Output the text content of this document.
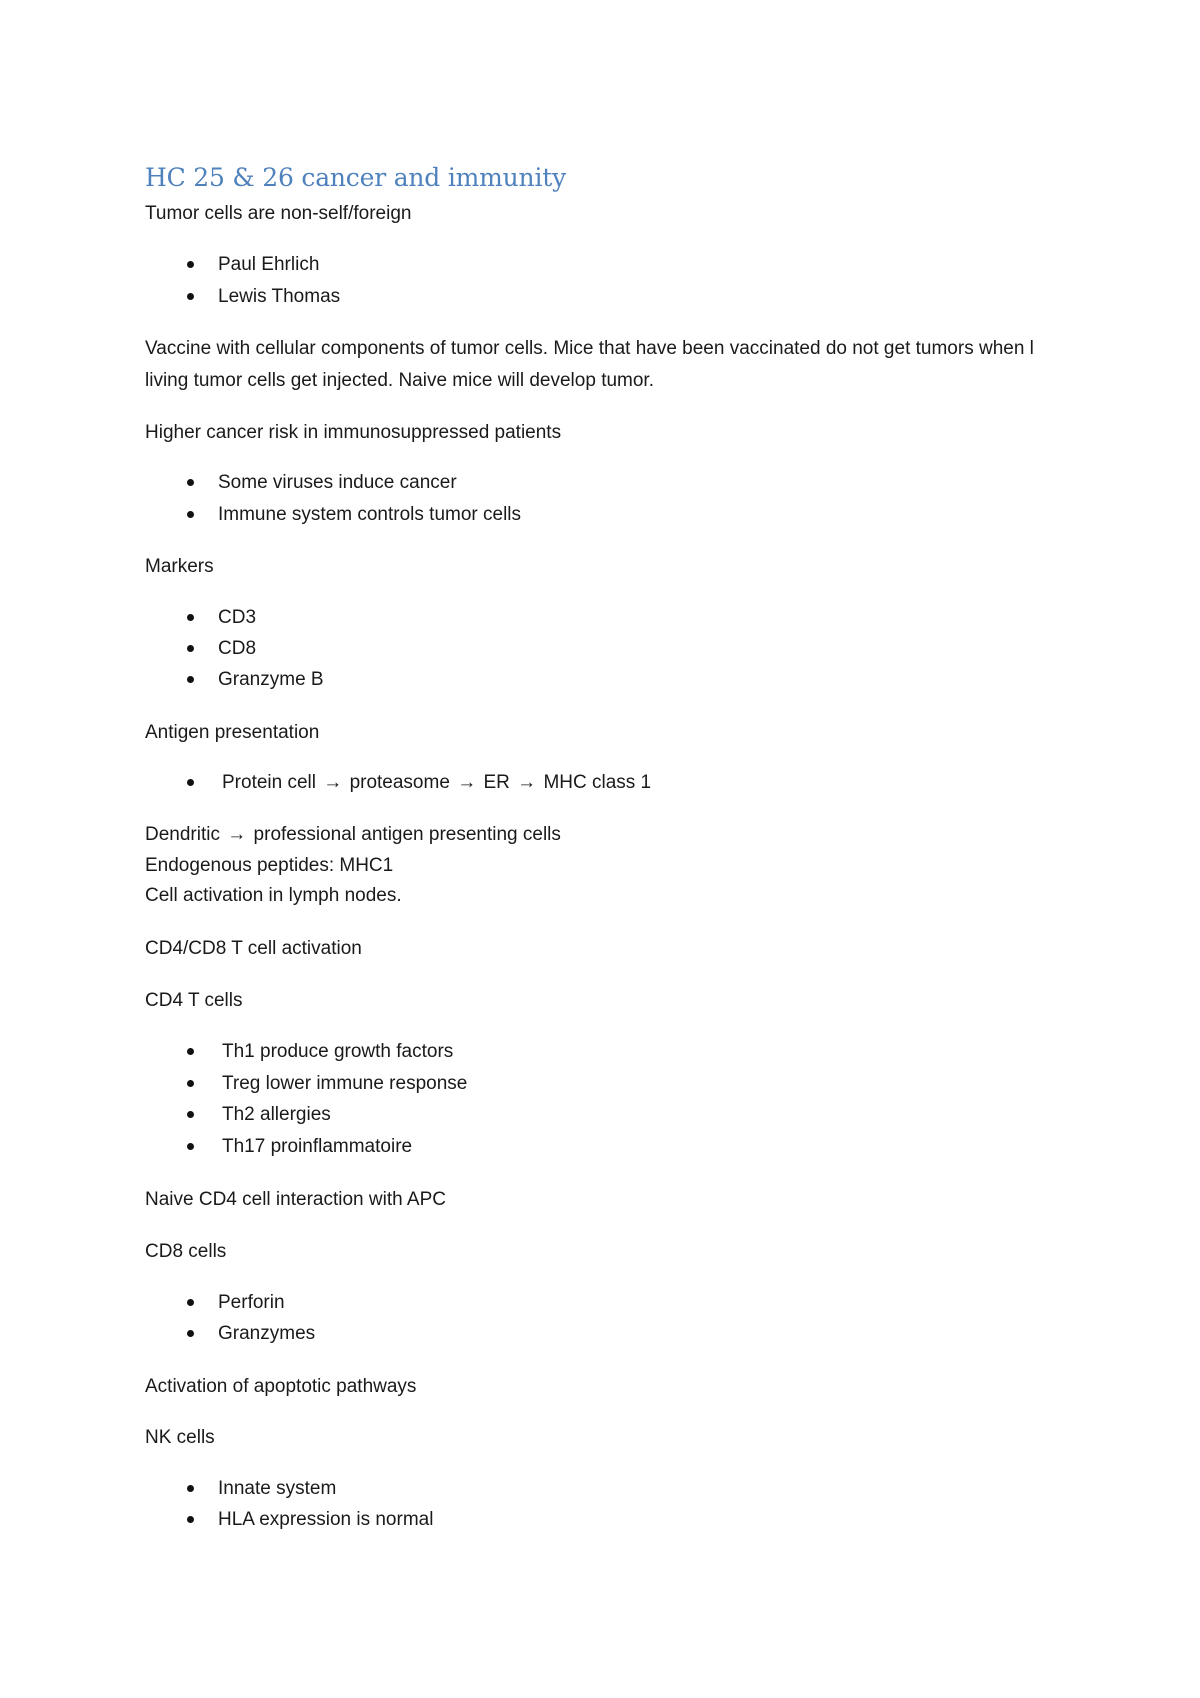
HC 25 & 26 cancer and immunity

Tumor cells are non-self/foreign

Paul Ehrlich

Lewis Thomas

Vaccine with cellular components of tumor cells. Mice that have been vaccinated do not get tumors when l living tumor cells get injected. Naive mice will develop tumor.

Higher cancer risk in immunosuppressed patients

Some viruses induce cancer

Immune system controls tumor cells

Markers

CD3

CD8

Granzyme B

Antigen presentation

Protein cell → proteasome → ER → MHC class 1

Dendritic → professional antigen presenting cells

Endogenous peptides: MHC1

Cell activation in lymph nodes.

CD4/CD8 T cell activation

CD4 T cells

Th1 produce growth factors

Treg lower immune response

Th2 allergies

Th17 proinflammatoire

Naive CD4 cell interaction with APC

CD8 cells

Perforin

Granzymes

Activation of apoptotic pathways

NK cells

Innate system

HLA expression is normal
